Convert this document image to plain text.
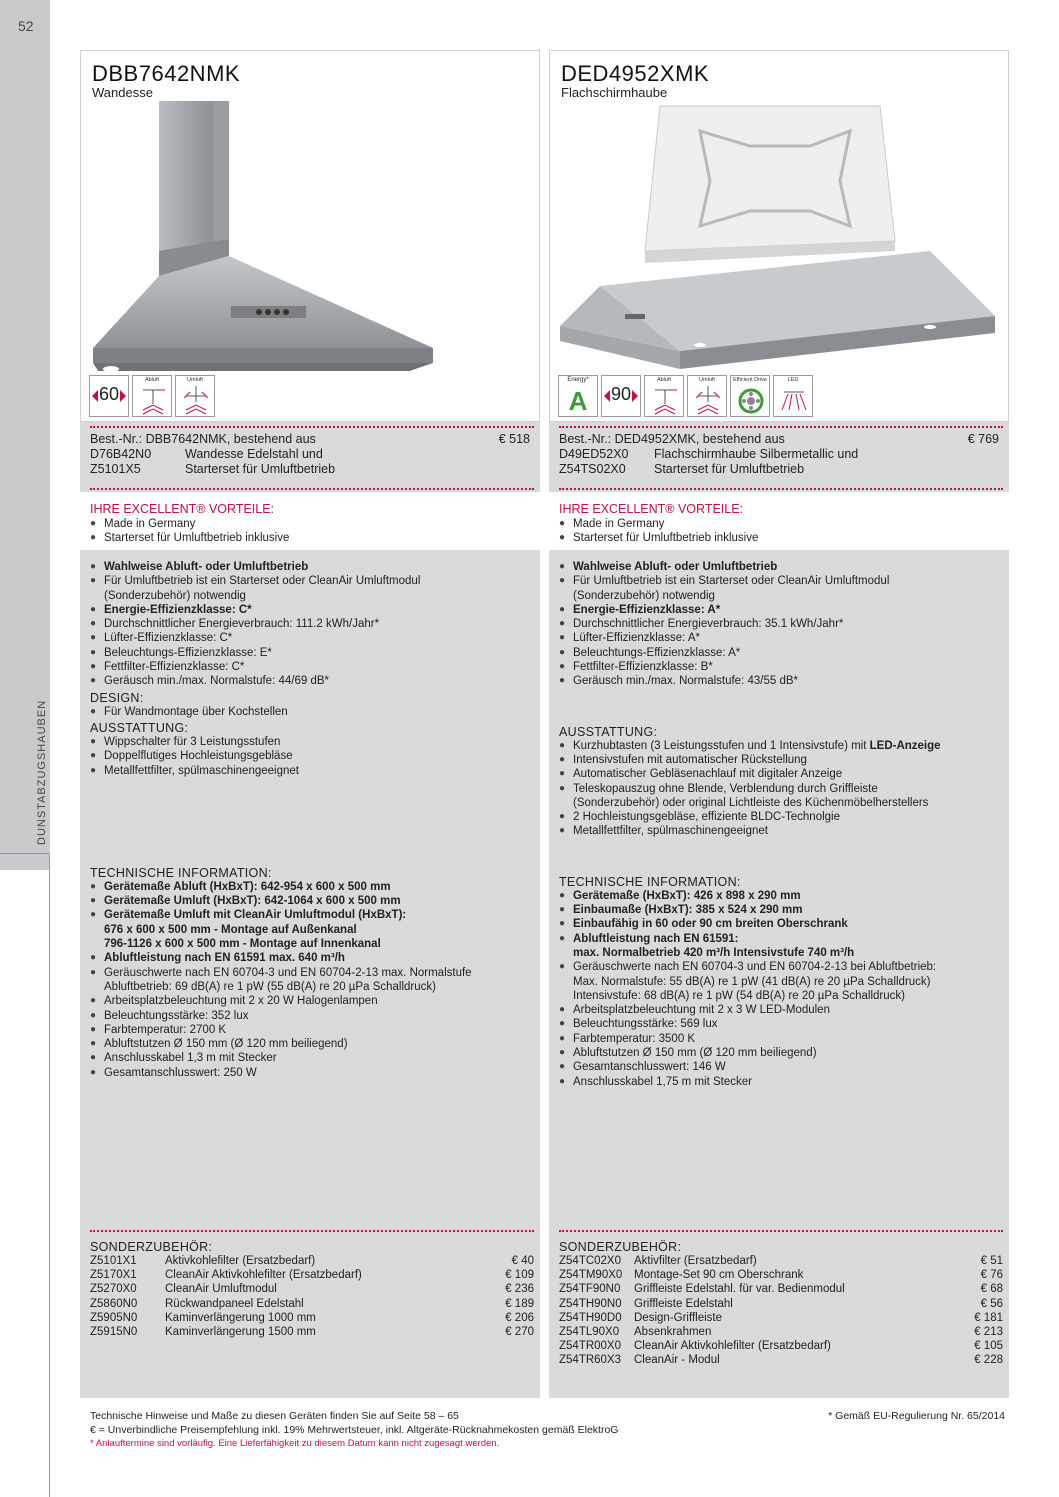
52
DUNSTABZUGSHAUBEN
DBB7642NMK
Wandesse
60
Abluft	Umluft
Best.-Nr.: DBB7642NMK, bestehend aus	€ 518
D76B42N0	Wandesse Edelstahl und
Z5101X5	Starterset für Umluftbetrieb
IHRE EXCELLENT® VORTEILE:
● Made in Germany
● Starterset für Umluftbetrieb inklusive
● Wahlweise Abluft- oder Umluftbetrieb
● Für Umluftbetrieb ist ein Starterset oder CleanAir Umluftmodul
(Sonderzubehör) notwendig
● Energie-Effizienzklasse: C*
● Durchschnittlicher Energieverbrauch: 111.2 kWh/Jahr*
● Lüfter-Effizienzklasse: C*
● Beleuchtungs-Effizienzklasse: E*
● Fettfilter-Effizienzklasse: C*
● Geräusch min./max. Normalstufe: 44/69 dB*
DESIGN:
● Für Wandmontage über Kochstellen
AUSSTATTUNG:
● Wippschalter für 3 Leistungsstufen
● Doppelflutiges Hochleistungsgebläse
● Metallfettfilter, spülmaschinengeeignet
TECHNISCHE INFORMATION:
● Gerätemaße Abluft (HxBxT): 642-954 x 600 x 500 mm
● Gerätemaße Umluft (HxBxT): 642-1064 x 600 x 500 mm
● Gerätemaße Umluft mit CleanAir Umluftmodul (HxBxT):
676 x 600 x 500 mm - Montage auf Außenkanal
796-1126 x 600 x 500 mm - Montage auf Innenkanal
● Abluftleistung nach EN 61591 max. 640 m³/h
● Geräuschwerte nach EN 60704-3 und EN 60704-2-13 max. Normalstufe
Abluftbetrieb: 69 dB(A) re 1 pW (55 dB(A) re 20 µPa Schalldruck)
● Arbeitsplatzbeleuchtung mit 2 x 20 W Halogenlampen
● Beleuchtungsstärke: 352 lux
● Farbtemperatur: 2700 K
● Abluftstutzen Ø 150 mm (Ø 120 mm beiliegend)
● Anschlusskabel 1,3 m mit Stecker
● Gesamtanschlusswert: 250 W
SONDERZUBEHÖR:
Z5101X1	Aktivkohlefilter (Ersatzbedarf)	€ 40
Z5170X1	CleanAir Aktivkohlefilter (Ersatzbedarf)	€ 109
Z5270X0	CleanAir Umluftmodul	€ 236
Z5860N0	Rückwandpaneel Edelstahl	€ 189
Z5905N0	Kaminverlängerung 1000 mm	€ 206
Z5915N0	Kaminverlängerung 1500 mm	€ 270
DED4952XMK
Flachschirmhaube
Energy*
A	90
Abluft	Umluft	Efficient Drive	LED
Best.-Nr.: DED4952XMK, bestehend aus	€ 769
D49ED52X0	Flachschirmhaube Silbermetallic und
Z54TS02X0	Starterset für Umluftbetrieb
IHRE EXCELLENT® VORTEILE:
● Made in Germany
● Starterset für Umluftbetrieb inklusive
● Wahlweise Abluft- oder Umluftbetrieb
● Für Umluftbetrieb ist ein Starterset oder CleanAir Umluftmodul
(Sonderzubehör) notwendig
● Energie-Effizienzklasse: A*
● Durchschnittlicher Energieverbrauch: 35.1 kWh/Jahr*
● Lüfter-Effizienzklasse: A*
● Beleuchtungs-Effizienzklasse: A*
● Fettfilter-Effizienzklasse: B*
● Geräusch min./max. Normalstufe: 43/55 dB*
AUSSTATTUNG:
● Kurzhubtasten (3 Leistungsstufen und 1 Intensivstufe) mit LED-Anzeige
● Intensivstufen mit automatischer Rückstellung
● Automatischer Gebläsenachlauf mit digitaler Anzeige
● Teleskopauszug ohne Blende, Verblendung durch Griffleiste
(Sonderzubehör) oder original Lichtleiste des Küchenmöbelherstellers
● 2 Hochleistungsgebläse, effiziente BLDC-Technolgie
● Metallfettfilter, spülmaschinengeeignet
TECHNISCHE INFORMATION:
● Gerätemaße (HxBxT): 426 x 898 x 290 mm
● Einbaumaße (HxBxT): 385 x 524 x 290 mm
● Einbaufähig in 60 oder 90 cm breiten Oberschrank
● Abluftleistung nach EN 61591:
max. Normalbetrieb 420 m³/h Intensivstufe 740 m³/h
● Geräuschwerte nach EN 60704-3 und EN 60704-2-13 bei Abluftbetrieb:
Max. Normalstufe: 55 dB(A) re 1 pW (41 dB(A) re 20 µPa Schalldruck)
Intensivstufe: 68 dB(A) re 1 pW (54 dB(A) re 20 µPa Schalldruck)
● Arbeitsplatzbeleuchtung mit 2 x 3 W LED-Modulen
● Beleuchtungsstärke: 569 lux
● Farbtemperatur: 3500 K
● Abluftstutzen Ø 150 mm (Ø 120 mm beiliegend)
● Gesamtanschlusswert: 146 W
● Anschlusskabel 1,75 m mit Stecker
SONDERZUBEHÖR:
Z54TC02X0	Aktivfilter (Ersatzbedarf)	€ 51
Z54TM90X0	Montage-Set 90 cm Oberschrank	€ 76
Z54TF90N0	Griffleiste Edelstahl. für var. Bedienmodul	€ 68
Z54TH90N0	Griffleiste Edelstahl	€ 56
Z54TH90D0	Design-Griffleiste	€ 181
Z54TL90X0	Absenkrahmen	€ 213
Z54TR00X0	CleanAir Aktivkohlefilter (Ersatzbedarf)	€ 105
Z54TR60X3	CleanAir - Modul	€ 228
Technische Hinweise und Maße zu diesen Geräten finden Sie auf Seite 58 – 65
€ = Unverbindliche Preisempfehlung inkl. 19% Mehrwertsteuer, inkl. Altgeräte-Rücknahmekosten gemäß ElektroG
* Anlauftermine sind vorläufig. Eine Lieferfähigkeit zu diesem Datum kann nicht zugesagt werden.
* Gemäß EU-Regulierung Nr. 65/2014
